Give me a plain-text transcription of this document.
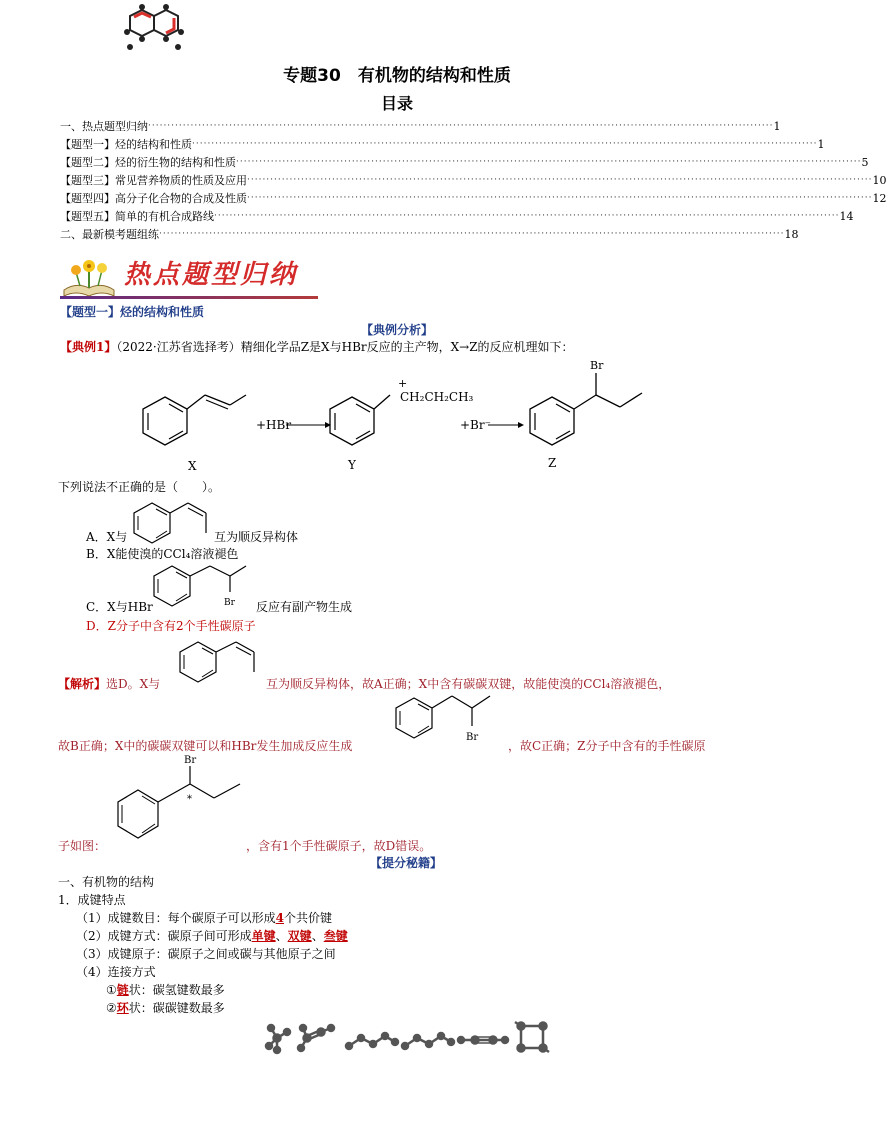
专题30　有机物的结构和性质
目录
一、热点题型归纳 ·································································································································································· 1
【题型一】烃的结构和性质 ·································································································································································· 1
【题型二】烃的衍生物的结构和性质 ·································································································································································· 5
【题型三】常见营养物质的性质及应用 ·································································································································································· 10
【题型四】高分子化合物的合成及性质 ·································································································································································· 12
【题型五】简单的有机合成路线 ·································································································································································· 14
二、最新模考题组练 ·································································································································································· 18
热点题型归纳
【题型一】烃的结构和性质
【典例分析】
【典例1】（2022·江苏省选择考）精细化学品Z是X与HBr反应的主产物，X→Z的反应机理如下：
X
+HBr
+
CH₂CH₂CH₃
Y
+Br⁻
Br
Z
下列说法不正确的是（　　）。
A．X与	互为顺反异构体
B．X能使溴的CCl₄溶液褪色
Br
C．X与HBr	反应有副产物生成
D．Z分子中含有2个手性碳原子
【解析】选D。X与	互为顺反异构体，故A正确；X中含有碳碳双键，故能使溴的CCl₄溶液褪色，
Br
故B正确；X中的碳碳双键可以和HBr发生加成反应生成	，故C正确；Z分子中含有的手性碳原
Br
*
子如图：	，含有1个手性碳原子，故D错误。
【提分秘籍】
一、有机物的结构
1．成键特点
（1）成键数目：每个碳原子可以形成4个共价键
（2）成键方式：碳原子间可形成单键、双键、叁键
（3）成键原子：碳原子之间或碳与其他原子之间
（4）连接方式
①链状：碳氢键数最多
②环状：碳碳键数最多
